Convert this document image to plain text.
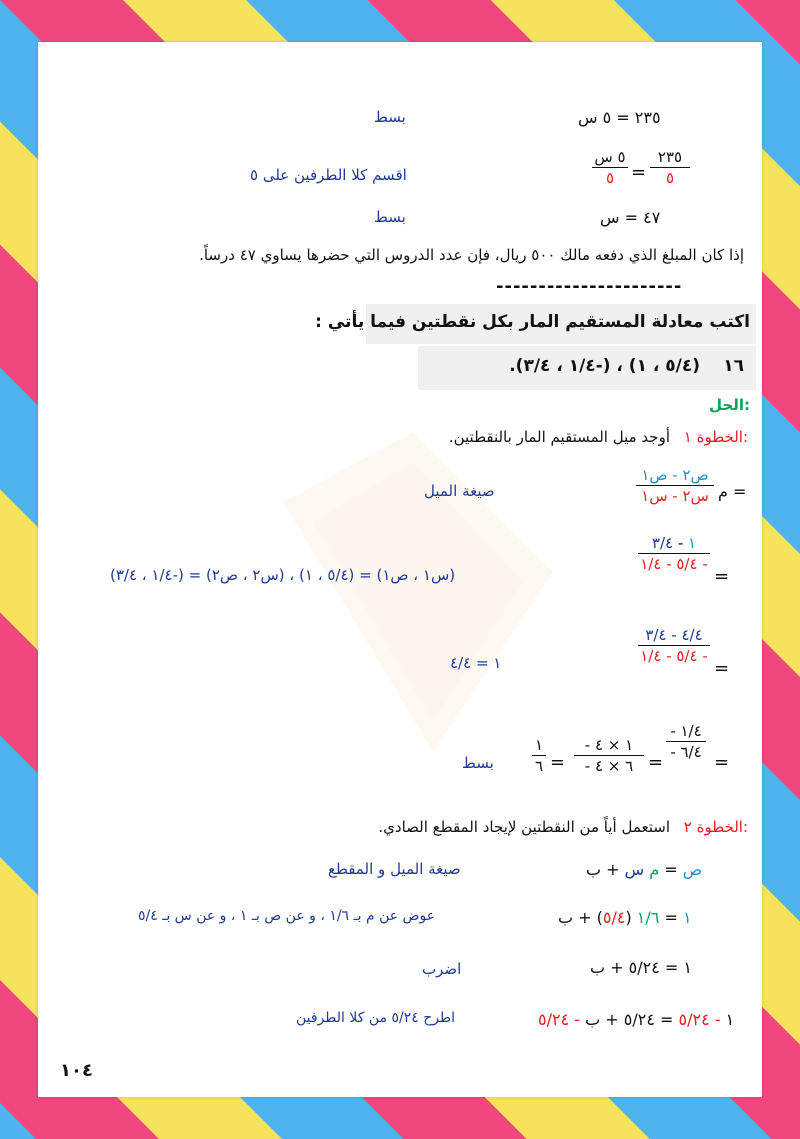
٢٣٥ = ٥ س
بسط
٢٣٥
٥
=
٥ س
٥
اقسم كلا الطرفين على ٥
٤٧ = س
بسط
إذا كان المبلغ الذي دفعه مالك ٥٠٠ ريال، فإن عدد الدروس التي حضرها يساوي ٤٧ درساً.
----------------------
اكتب معادلة المستقيم المار بكل نقطتين فيما يأتي :
١٦
(٥/٤ ، ١) ، (-١/٤ ، ٣/٤).
الحل:
الخطوة ١:
أوجد ميل المستقيم المار بالنقطتين.
م =
ص٢ - ص١
س٢ - س١
صيغة الميل
١ - ٣/٤
٥/٤ - ١/٤ -
=
(س١ ، ص١) = (٥/٤ ، ١) ، (س٢ ، ص٢) = (-١/٤ ، ٣/٤)
٤/٤ - ٣/٤
٥/٤ - ١/٤ -
=
١ = ٤/٤
=
- ١/٤
- ٦/٤
=
- ١ × ٤
- ٦ × ٤
=
١
٦
بسط
الخطوة ٢:
استعمل أياً من النقطتين لإيجاد المقطع الصادي.
ص = م س + ب
صيغة الميل و المقطع
١ = ١/٦ (٥/٤) + ب
عوض عن م بـ ١/٦ ، و عن ص بـ ١ ، و عن س بـ ٥/٤
١ = ٥/٢٤ + ب
اضرب
١ - ٥/٢٤ = ٥/٢٤ + ب - ٥/٢٤
اطرح ٥/٢٤ من كلا الطرفين
١٠٤
